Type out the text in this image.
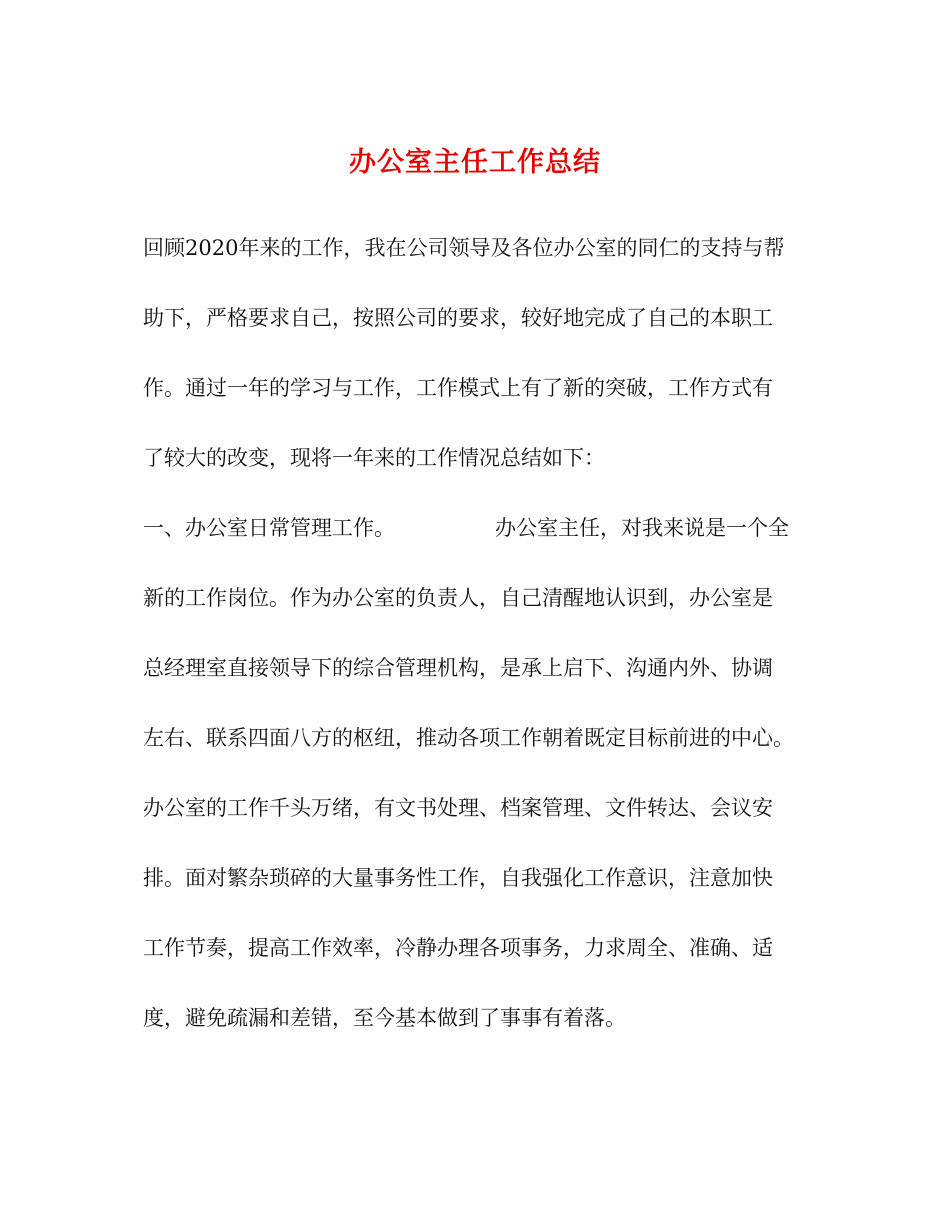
办公室主任工作总结
回顾2020年来的工作，我在公司领导及各位办公室的同仁的支持与帮
助下，严格要求自己，按照公司的要求，较好地完成了自己的本职工
作。通过一年的学习与工作，工作模式上有了新的突破，工作方式有
了较大的改变，现将一年来的工作情况总结如下：
一、办公室日常管理工作。	办公室主任，对我来说是一个全
新的工作岗位。作为办公室的负责人，自己清醒地认识到，办公室是
总经理室直接领导下的综合管理机构，是承上启下、沟通内外、协调
左右、联系四面八方的枢纽，推动各项工作朝着既定目标前进的中心。
办公室的工作千头万绪，有文书处理、档案管理、文件转达、会议安
排。面对繁杂琐碎的大量事务性工作，自我强化工作意识，注意加快
工作节奏，提高工作效率，冷静办理各项事务，力求周全、准确、适
度，避免疏漏和差错，至今基本做到了事事有着落。
